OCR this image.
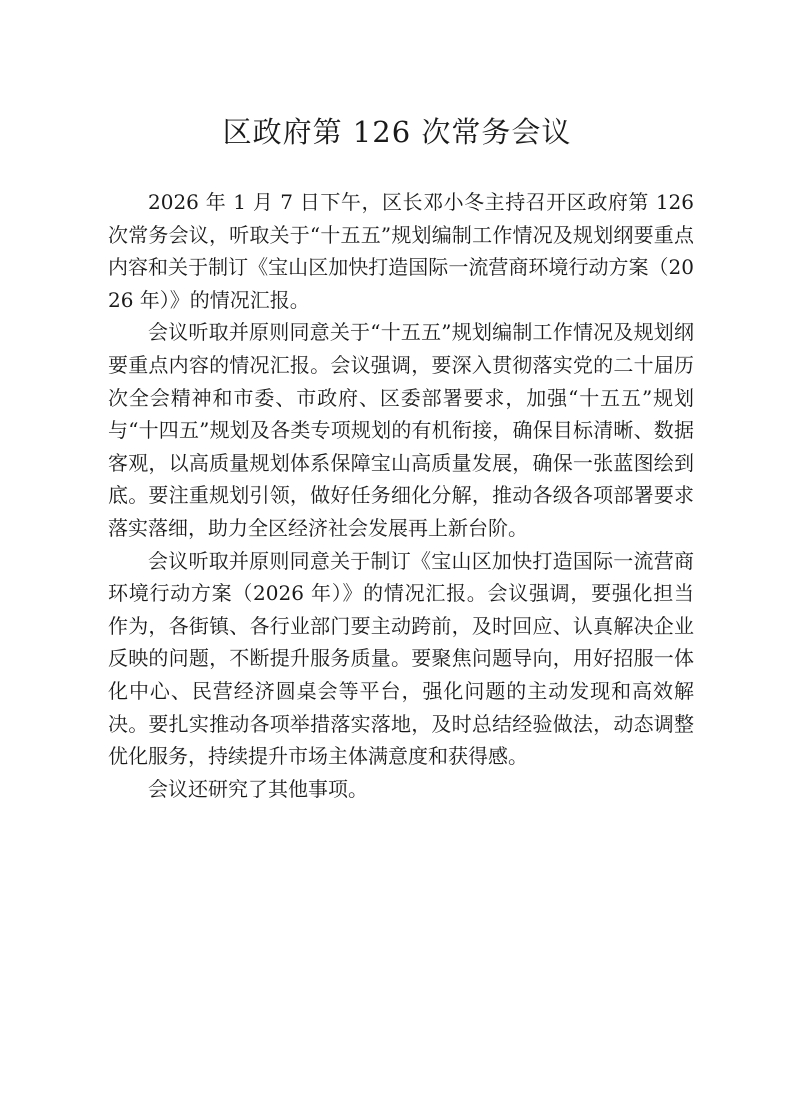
区政府第 126 次常务会议

2026 年 1 月 7 日下午，区长邓小冬主持召开区政府第 126 次常务会议，听取关于“十五五”规划编制工作情况及规划纲要重点内容和关于制订《宝山区加快打造国际一流营商环境行动方案（2026 年）》的情况汇报。

会议听取并原则同意关于“十五五”规划编制工作情况及规划纲要重点内容的情况汇报。会议强调，要深入贯彻落实党的二十届历次全会精神和市委、市政府、区委部署要求，加强“十五五”规划与“十四五”规划及各类专项规划的有机衔接，确保目标清晰、数据客观，以高质量规划体系保障宝山高质量发展，确保一张蓝图绘到底。要注重规划引领，做好任务细化分解，推动各级各项部署要求落实落细，助力全区经济社会发展再上新台阶。

会议听取并原则同意关于制订《宝山区加快打造国际一流营商环境行动方案（2026 年）》的情况汇报。会议强调，要强化担当作为，各街镇、各行业部门要主动跨前，及时回应、认真解决企业反映的问题，不断提升服务质量。要聚焦问题导向，用好招服一体化中心、民营经济圆桌会等平台，强化问题的主动发现和高效解决。要扎实推动各项举措落实落地，及时总结经验做法，动态调整优化服务，持续提升市场主体满意度和获得感。

会议还研究了其他事项。
